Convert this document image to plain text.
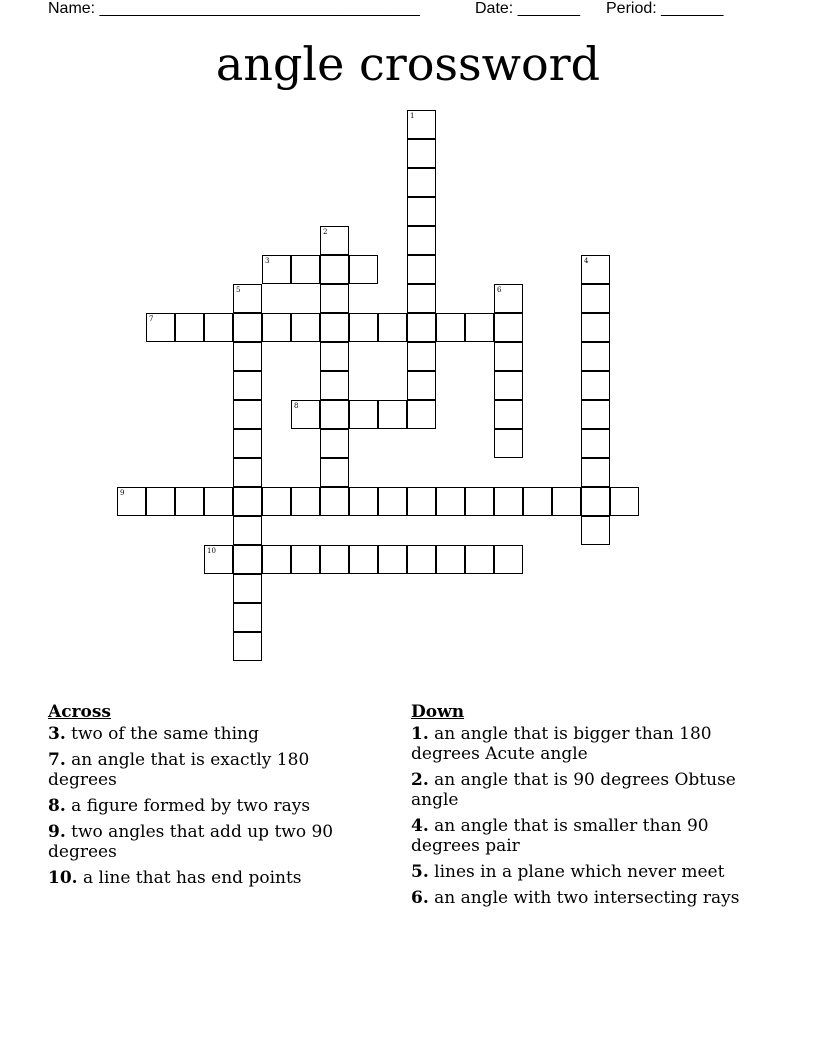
Name: ____________________________________	Date: _______ Period: _______
angle crossword
1
2
3	4
5	6
7
8
9
10
Across
3. two of the same thing
7. an angle that is exactly 180 degrees
8. a figure formed by two rays
9. two angles that add up two 90 degrees
10. a line that has end points
Down
1. an angle that is bigger than 180 degrees Acute angle
2. an angle that is 90 degrees Obtuse angle
4. an angle that is smaller than 90 degrees pair
5. lines in a plane which never meet
6. an angle with two intersecting rays
